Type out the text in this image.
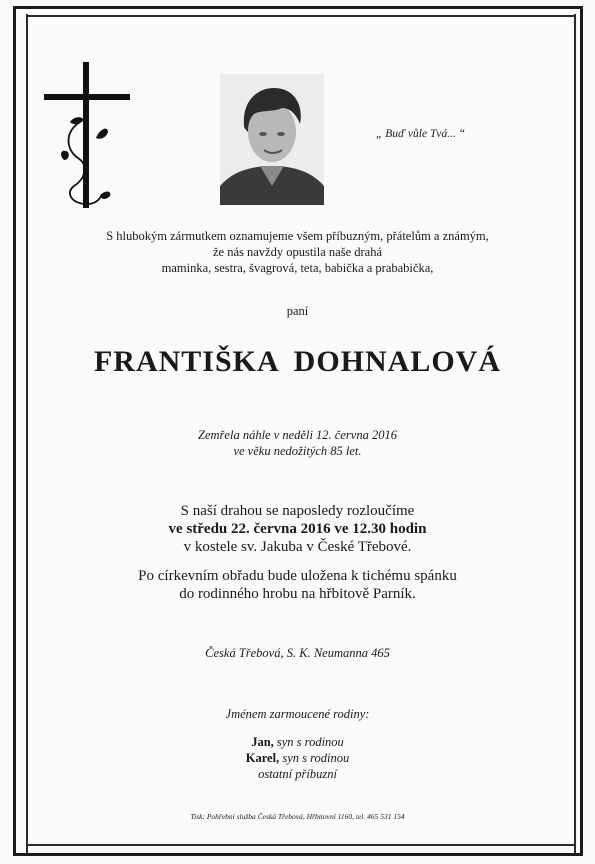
„ Buď vůle Tvá... “
S hlubokým zármutkem oznamujeme všem příbuzným, přátelům a známým,
že nás navždy opustila naše drahá
maminka, sestra, švagrová, teta, babička a prababička,
paní
FRANTIŠKA DOHNALOVÁ
Zemřela náhle v neděli 12. června 2016
ve věku nedožitých 85 let.
S naší drahou se naposledy rozloučíme
ve středu 22. června 2016 ve 12.30 hodin
v kostele sv. Jakuba v České Třebové.
Po církevním obřadu bude uložena k tichému spánku
do rodinného hrobu na hřbitově Parník.
Česká Třebová, S. K. Neumanna 465
Jménem zarmoucené rodiny:
Jan, syn s rodinou
Karel, syn s rodinou
ostatní příbuzní
Tisk: Pohřební služba Česká Třebová, Hřbitovní 1160, tel. 465 531 154
